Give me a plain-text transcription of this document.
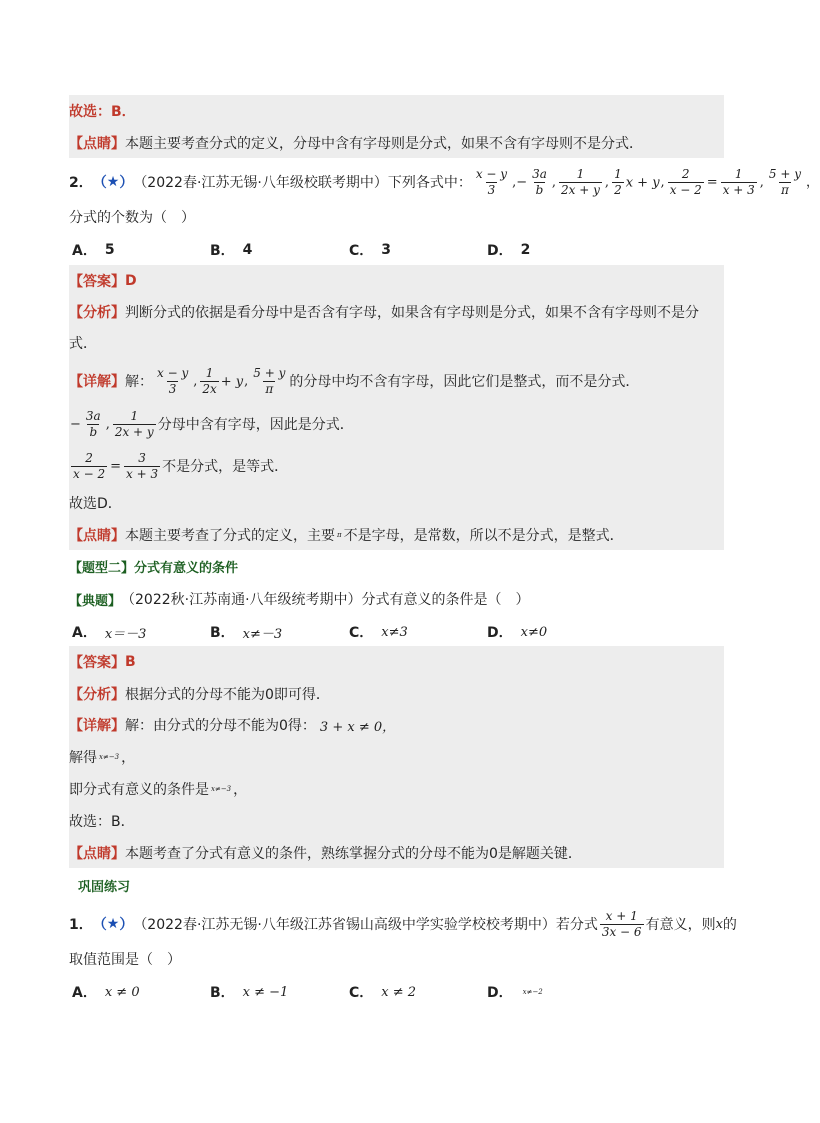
故选：B．
【点睛】 本题主要考查分式的定义，分母中含有字母则是分式，如果不含有字母则不是分式．
2． （ ★ ） （2022春·江苏无锡·八年级校联考期中）下列各式中： $\frac{x - y}{3}$ ,− $\frac{3a}{b}$ , $\frac{1}{2x + y}$ , $\frac{1}{2}$ x + y, $\frac{2}{x - 2} = \frac{1}{x + 3}$ , $\frac{5 + y}{\pi}$ ，
分式的个数为（　）
A． 5	B． 4	C． 3	D． 2
【答案】 D
【分析】 判断分式的依据是看分母中是否含有字母，如果含有字母则是分式，如果不含有字母则不是分
式．
【详解】 解： $\frac{x - y}{3}$ , $\frac{1}{2x} + y$, $\frac{5 + y}{\pi}$ 的分母中均不含有字母，因此它们是整式，而不是分式．
− $\frac{3a}{b}$ , $\frac{1}{2x + y}$ 分母中含有字母，因此是分式．
$\frac{2}{x - 2} = \frac{3}{x + 3}$ 不是分式，是等式．
故选D．
【点睛】 本题主要考查了分式的定义，主要 π 不是字母，是常数，所以不是分式，是整式．
【题型二】 分式有意义的条件
【典题】 （2022秋·江苏南通·八年级统考期中）分式有意义的条件是（　）
A． x＝－3	B． x≠－3	C． x≠3	D． x≠0
【答案】 B
【分析】 根据分式的分母不能为0即可得．
【详解】 解：由分式的分母不能为0得： 3 + x ≠ 0，
解得 x≠−3 ，
即分式有意义的条件是 x≠−3 ，
故选：B．
【点睛】 本题考查了分式有意义的条件，熟练掌握分式的分母不能为0是解题关键．
巩固练习
1． （ ★ ） （2022春·江苏无锡·八年级江苏省锡山高级中学实验学校校考期中）若分式 $\frac{x + 1}{3x - 6}$ 有意义，则 x 的
取值范围是（　）
A． x ≠ 0	B． x ≠ −1	C． x ≠ 2	D． x≠−2
